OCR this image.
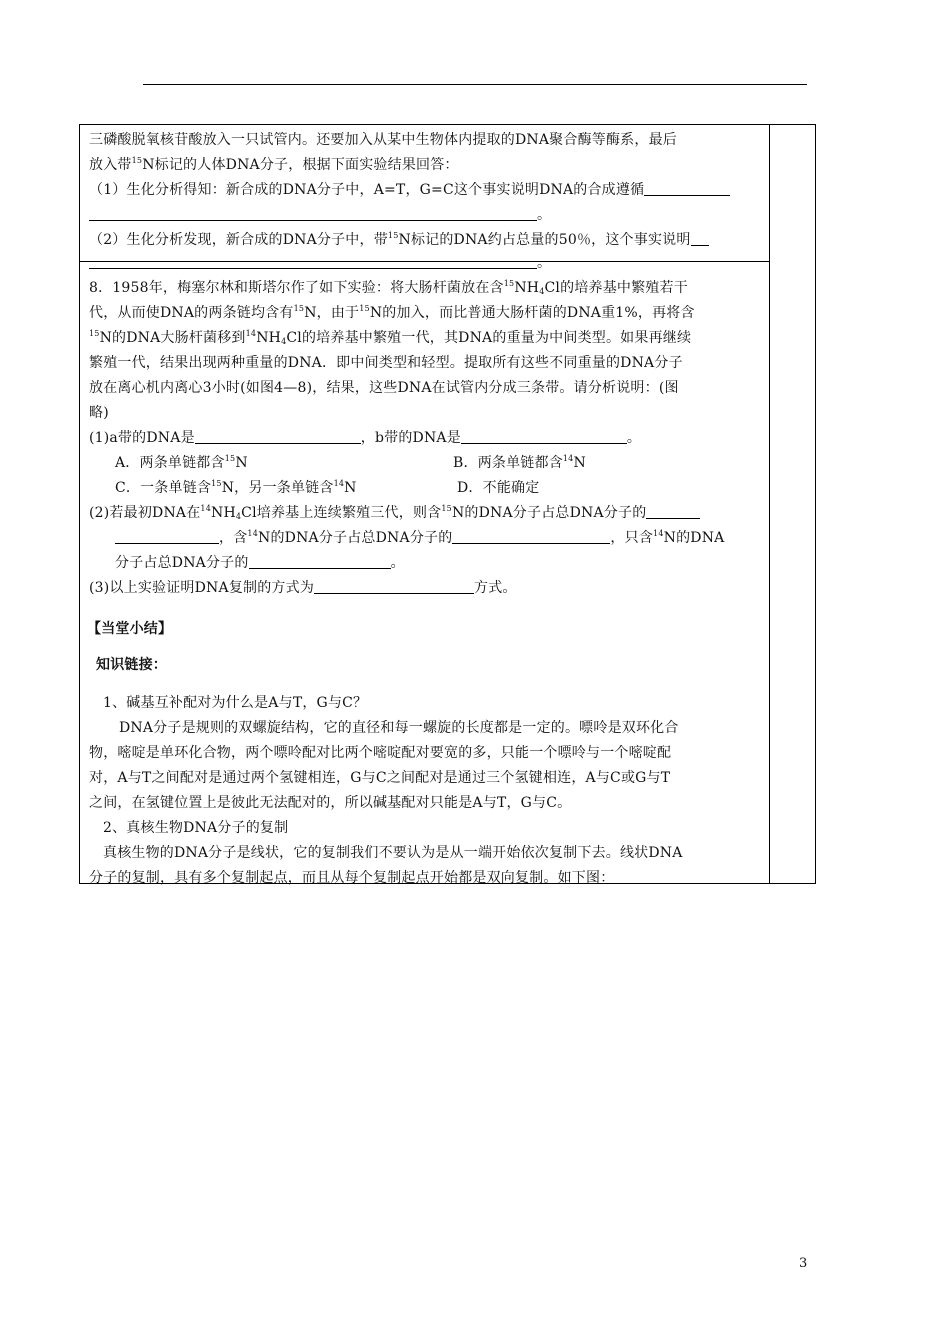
三磷酸脱氧核苷酸放入一只试管内。还要加入从某中生物体内提取的DNA聚合酶等酶系，最后
放入带$^{15}$N标记的人体DNA分子，根据下面实验结果回答：
（1）生化分析得知：新合成的DNA分子中，A=T，G=C这个事实说明DNA的合成遵循
。
（2）生化分析发现，新合成的DNA分子中，带$^{15}$N标记的DNA约占总量的50％，这个事实说明
。
8．1958年，梅塞尔林和斯塔尔作了如下实验：将大肠杆菌放在含$^{15}NH_4Cl$的培养基中繁殖若干
代，从而使DNA的两条链均含有$^{15}$N，由于$^{15}$N的加入，而比普通大肠杆菌的DNA重1%，再将含
$^{15}$N的DNA大肠杆菌移到$^{14}NH_4Cl$的培养基中繁殖一代，其DNA的重量为中间类型。如果再继续
繁殖一代，结果出现两种重量的DNA．即中间类型和轻型。提取所有这些不同重量的DNA分子
放在离心机内离心3小时(如图4—8)，结果，这些DNA在试管内分成三条带。请分析说明：(图
略)
(1)a带的DNA是	，b带的DNA是	。
A．两条单链都含$^{15}$N	B．两条单链都含$^{14}$N
C．一条单链含$^{15}$N，另一条单链含$^{14}$N	D．不能确定
(2)若最初DNA在$^{14}NH_4Cl$培养基上连续繁殖三代，则含$^{15}$N的DNA分子占总DNA分子的
，含$^{14}$N的DNA分子占总DNA分子的	，只含$^{14}$N的DNA
分子占总DNA分子的	。
(3)以上实验证明DNA复制的方式为	方式。
【当堂小结】
知识链接：
1、碱基互补配对为什么是A与T，G与C？
DNA分子是规则的双螺旋结构，它的直径和每一螺旋的长度都是一定的。嘌呤是双环化合
物，嘧啶是单环化合物，两个嘌呤配对比两个嘧啶配对要宽的多，只能一个嘌呤与一个嘧啶配
对，A与T之间配对是通过两个氢键相连，G与C之间配对是通过三个氢键相连，A与C或G与T
之间，在氢键位置上是彼此无法配对的，所以碱基配对只能是A与T，G与C。
2、真核生物DNA分子的复制
真核生物的DNA分子是线状，它的复制我们不要认为是从一端开始依次复制下去。线状DNA
分子的复制，具有多个复制起点，而且从每个复制起点开始都是双向复制。如下图：
3
